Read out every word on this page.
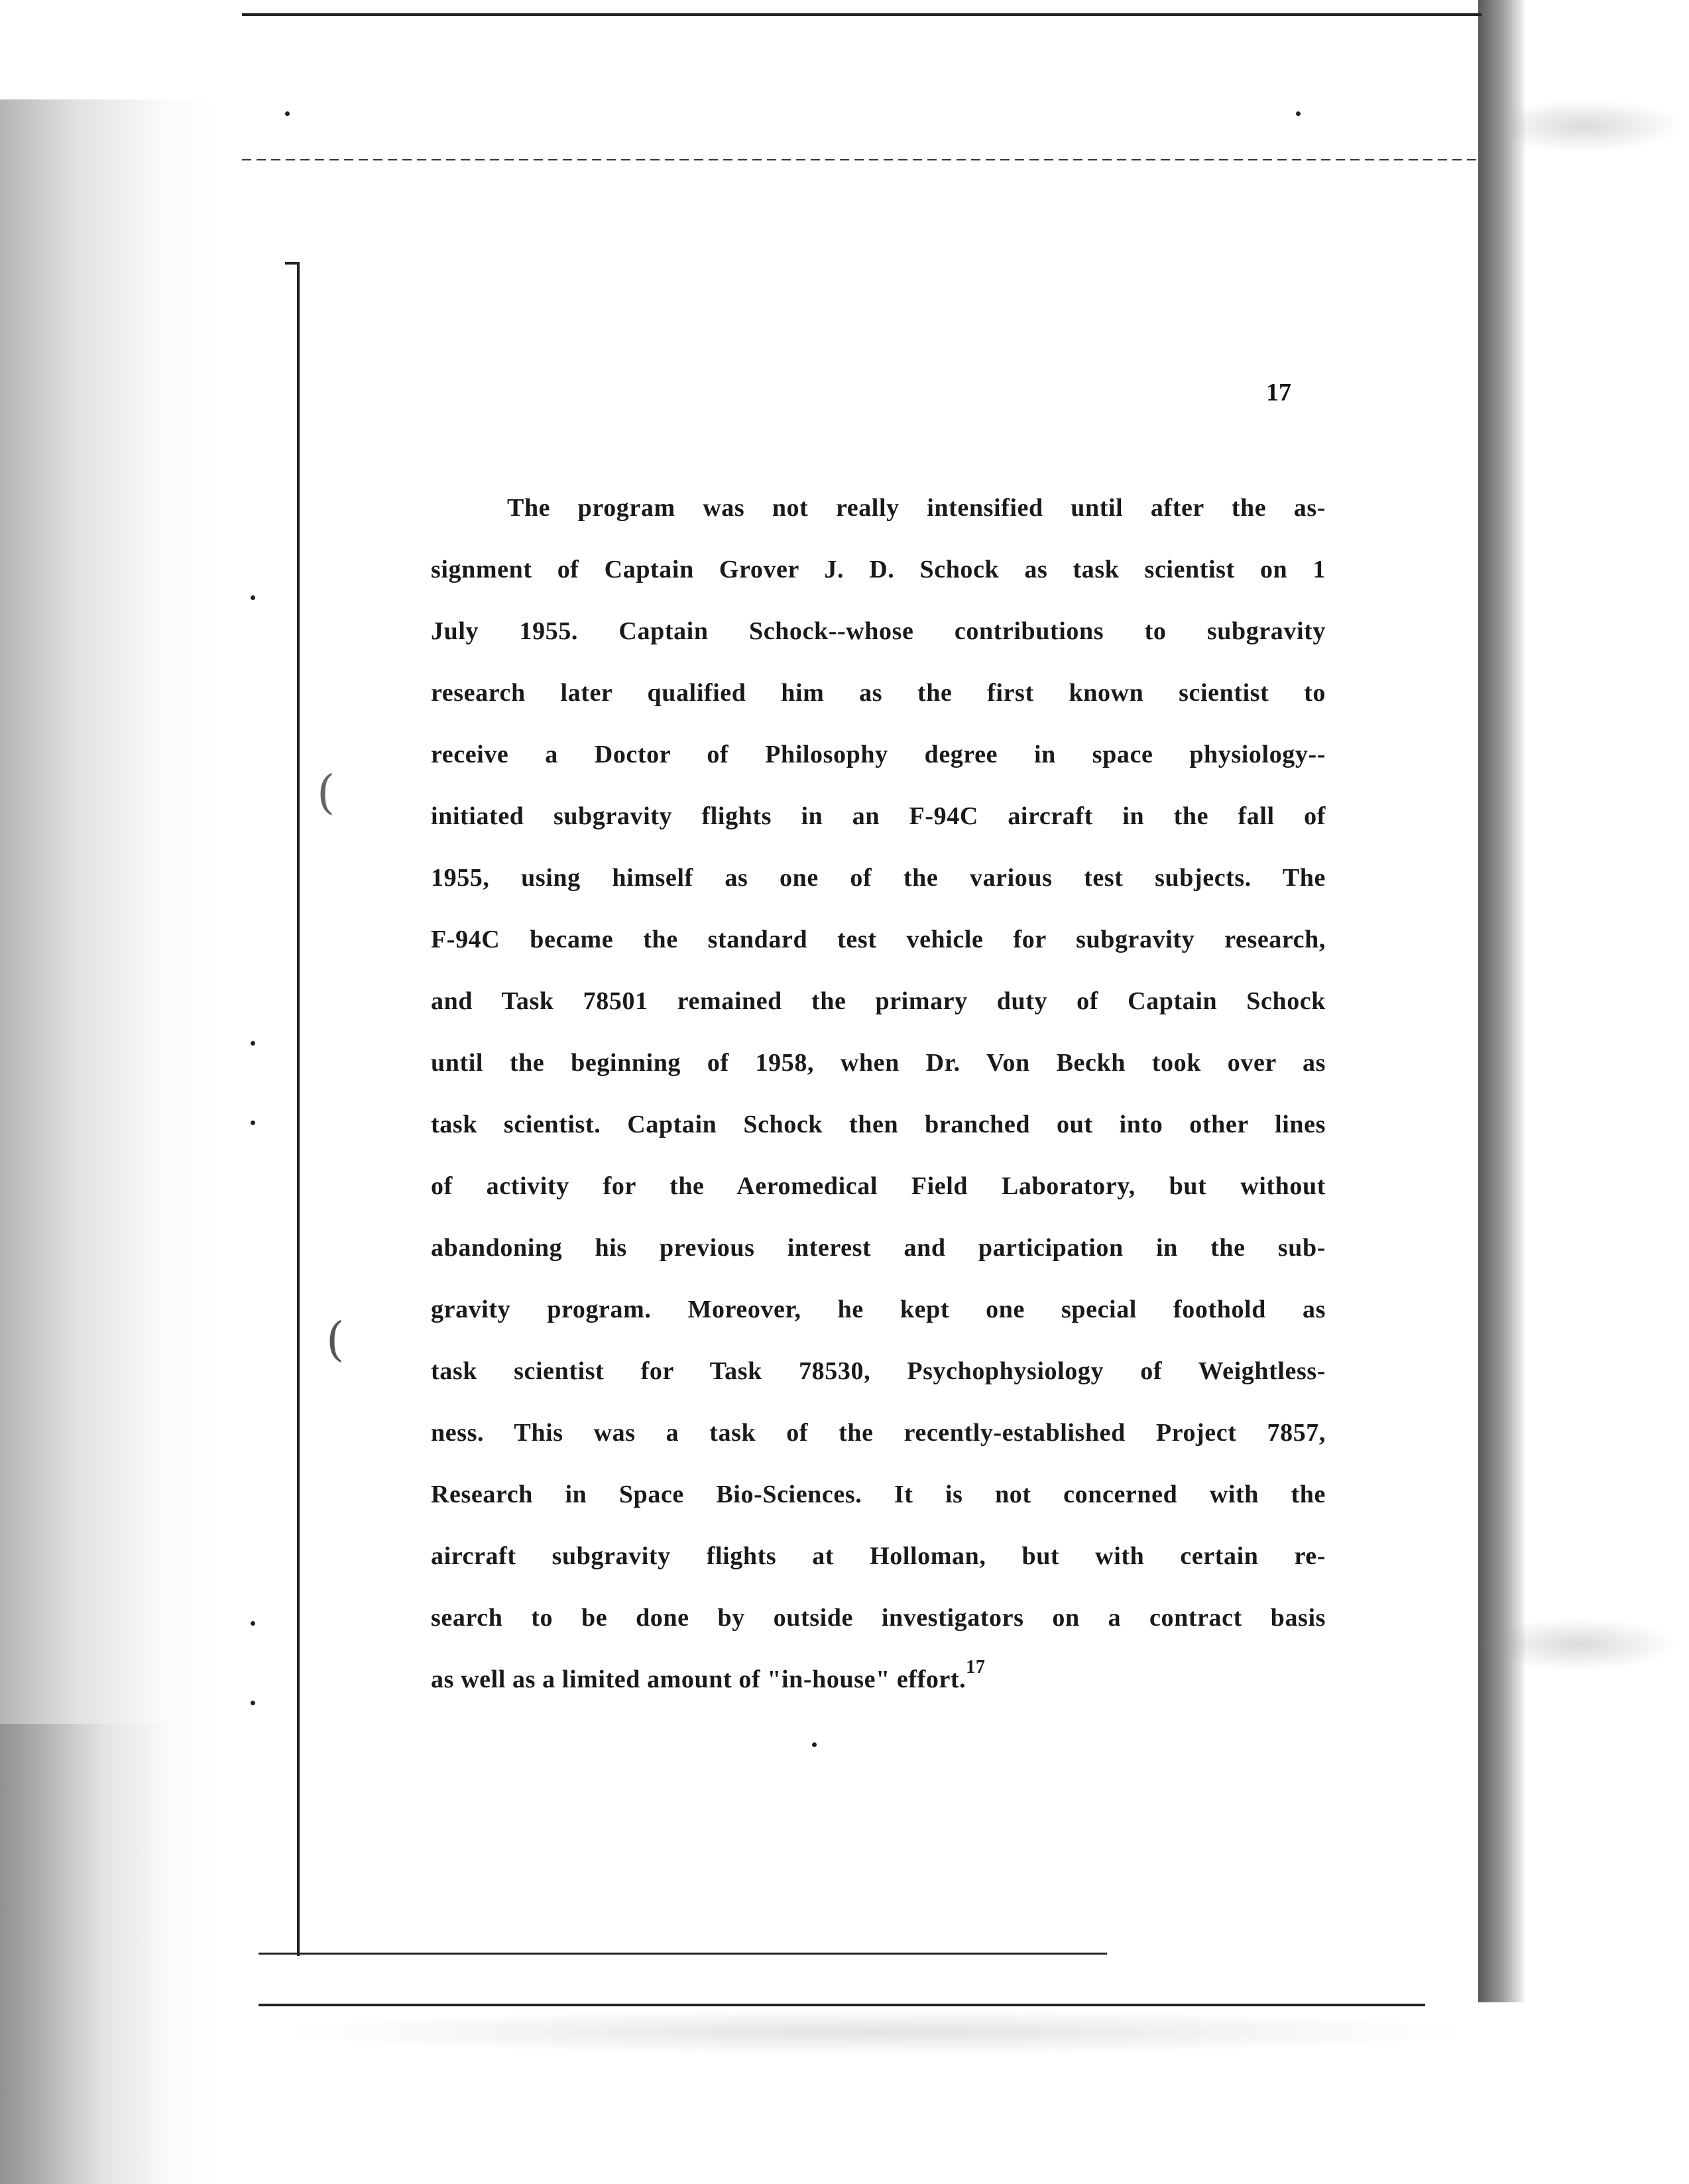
(
(
17
The program was not really intensified until after the as-
signment of Captain Grover J. D. Schock as task scientist on 1
July 1955. Captain Schock--whose contributions to subgravity
research later qualified him as the first known scientist to
receive a Doctor of Philosophy degree in space physiology--
initiated subgravity flights in an F-94C aircraft in the fall of
1955, using himself as one of the various test subjects. The
F-94C became the standard test vehicle for subgravity research,
and Task 78501 remained the primary duty of Captain Schock
until the beginning of 1958, when Dr. Von Beckh took over as
task scientist. Captain Schock then branched out into other lines
of activity for the Aeromedical Field Laboratory, but without
abandoning his previous interest and participation in the sub-
gravity program. Moreover, he kept one special foothold as
task scientist for Task 78530, Psychophysiology of Weightless-
ness. This was a task of the recently-established Project 7857,
Research in Space Bio-Sciences. It is not concerned with the
aircraft subgravity flights at Holloman, but with certain re-
search to be done by outside investigators on a contract basis
as well as a limited amount of "in-house" effort.$^{17}$
